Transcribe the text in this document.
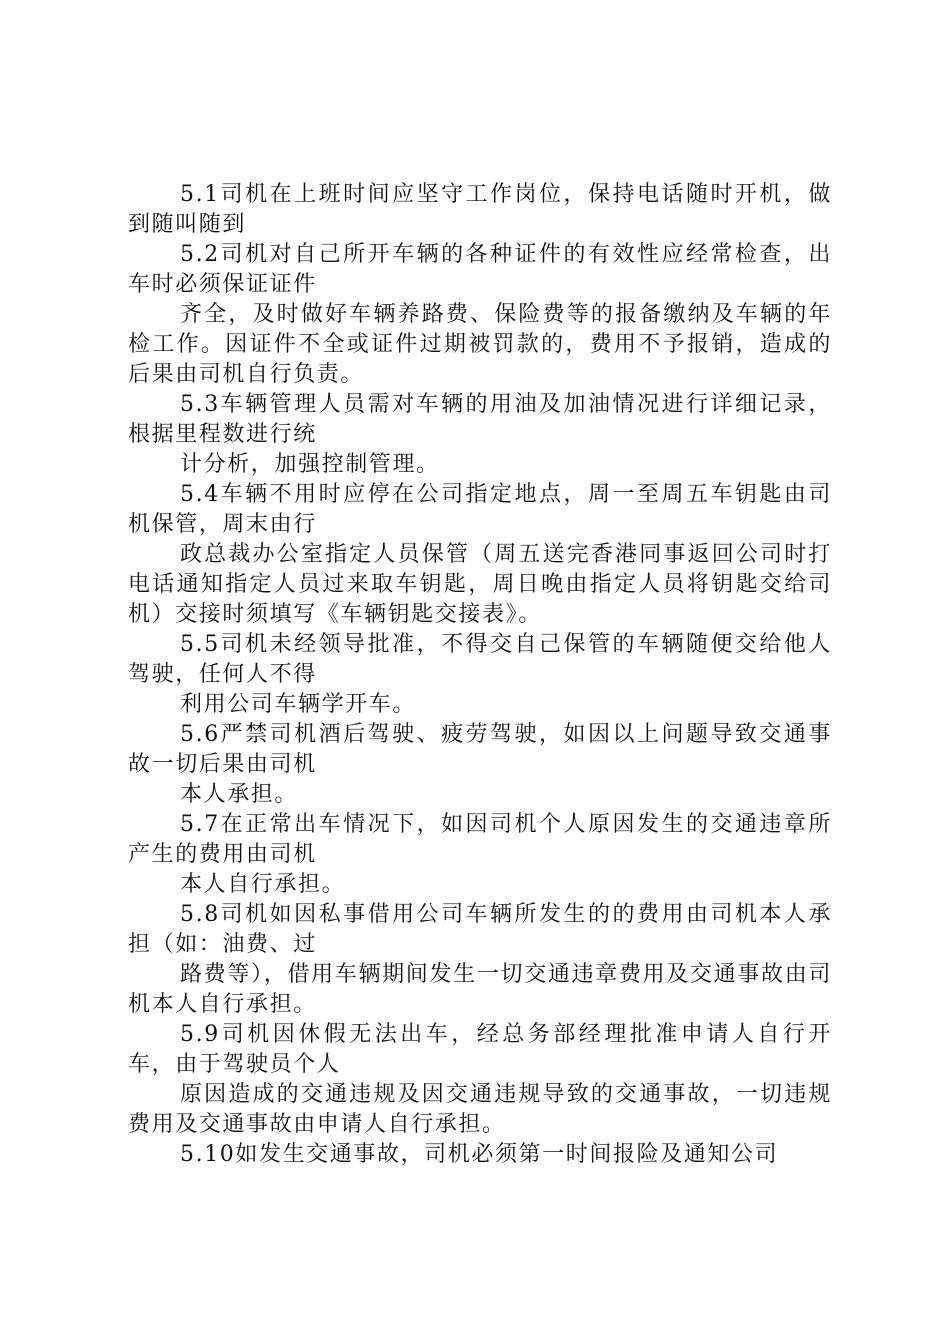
5.1司机在上班时间应坚守工作岗位，保持电话随时开机，做到随叫随到

5.2司机对自己所开车辆的各种证件的有效性应经常检查，出车时必须保证证件

齐全，及时做好车辆养路费、保险费等的报备缴纳及车辆的年检工作。因证件不全或证件过期被罚款的，费用不予报销，造成的后果由司机自行负责。

5.3车辆管理人员需对车辆的用油及加油情况进行详细记录，根据里程数进行统

计分析，加强控制管理。

5.4车辆不用时应停在公司指定地点，周一至周五车钥匙由司机保管，周末由行

政总裁办公室指定人员保管（周五送完香港同事返回公司时打电话通知指定人员过来取车钥匙，周日晚由指定人员将钥匙交给司机）交接时须填写《车辆钥匙交接表》。

5.5司机未经领导批准，不得交自己保管的车辆随便交给他人驾驶，任何人不得

利用公司车辆学开车。

5.6严禁司机酒后驾驶、疲劳驾驶，如因以上问题导致交通事故一切后果由司机

本人承担。

5.7在正常出车情况下，如因司机个人原因发生的交通违章所产生的费用由司机

本人自行承担。

5.8司机如因私事借用公司车辆所发生的的费用由司机本人承担（如：油费、过

路费等），借用车辆期间发生一切交通违章费用及交通事故由司机本人自行承担。

5.9司机因休假无法出车，经总务部经理批准申请人自行开车，由于驾驶员个人

原因造成的交通违规及因交通违规导致的交通事故，一切违规费用及交通事故由申请人自行承担。

5.10如发生交通事故，司机必须第一时间报险及通知公司
